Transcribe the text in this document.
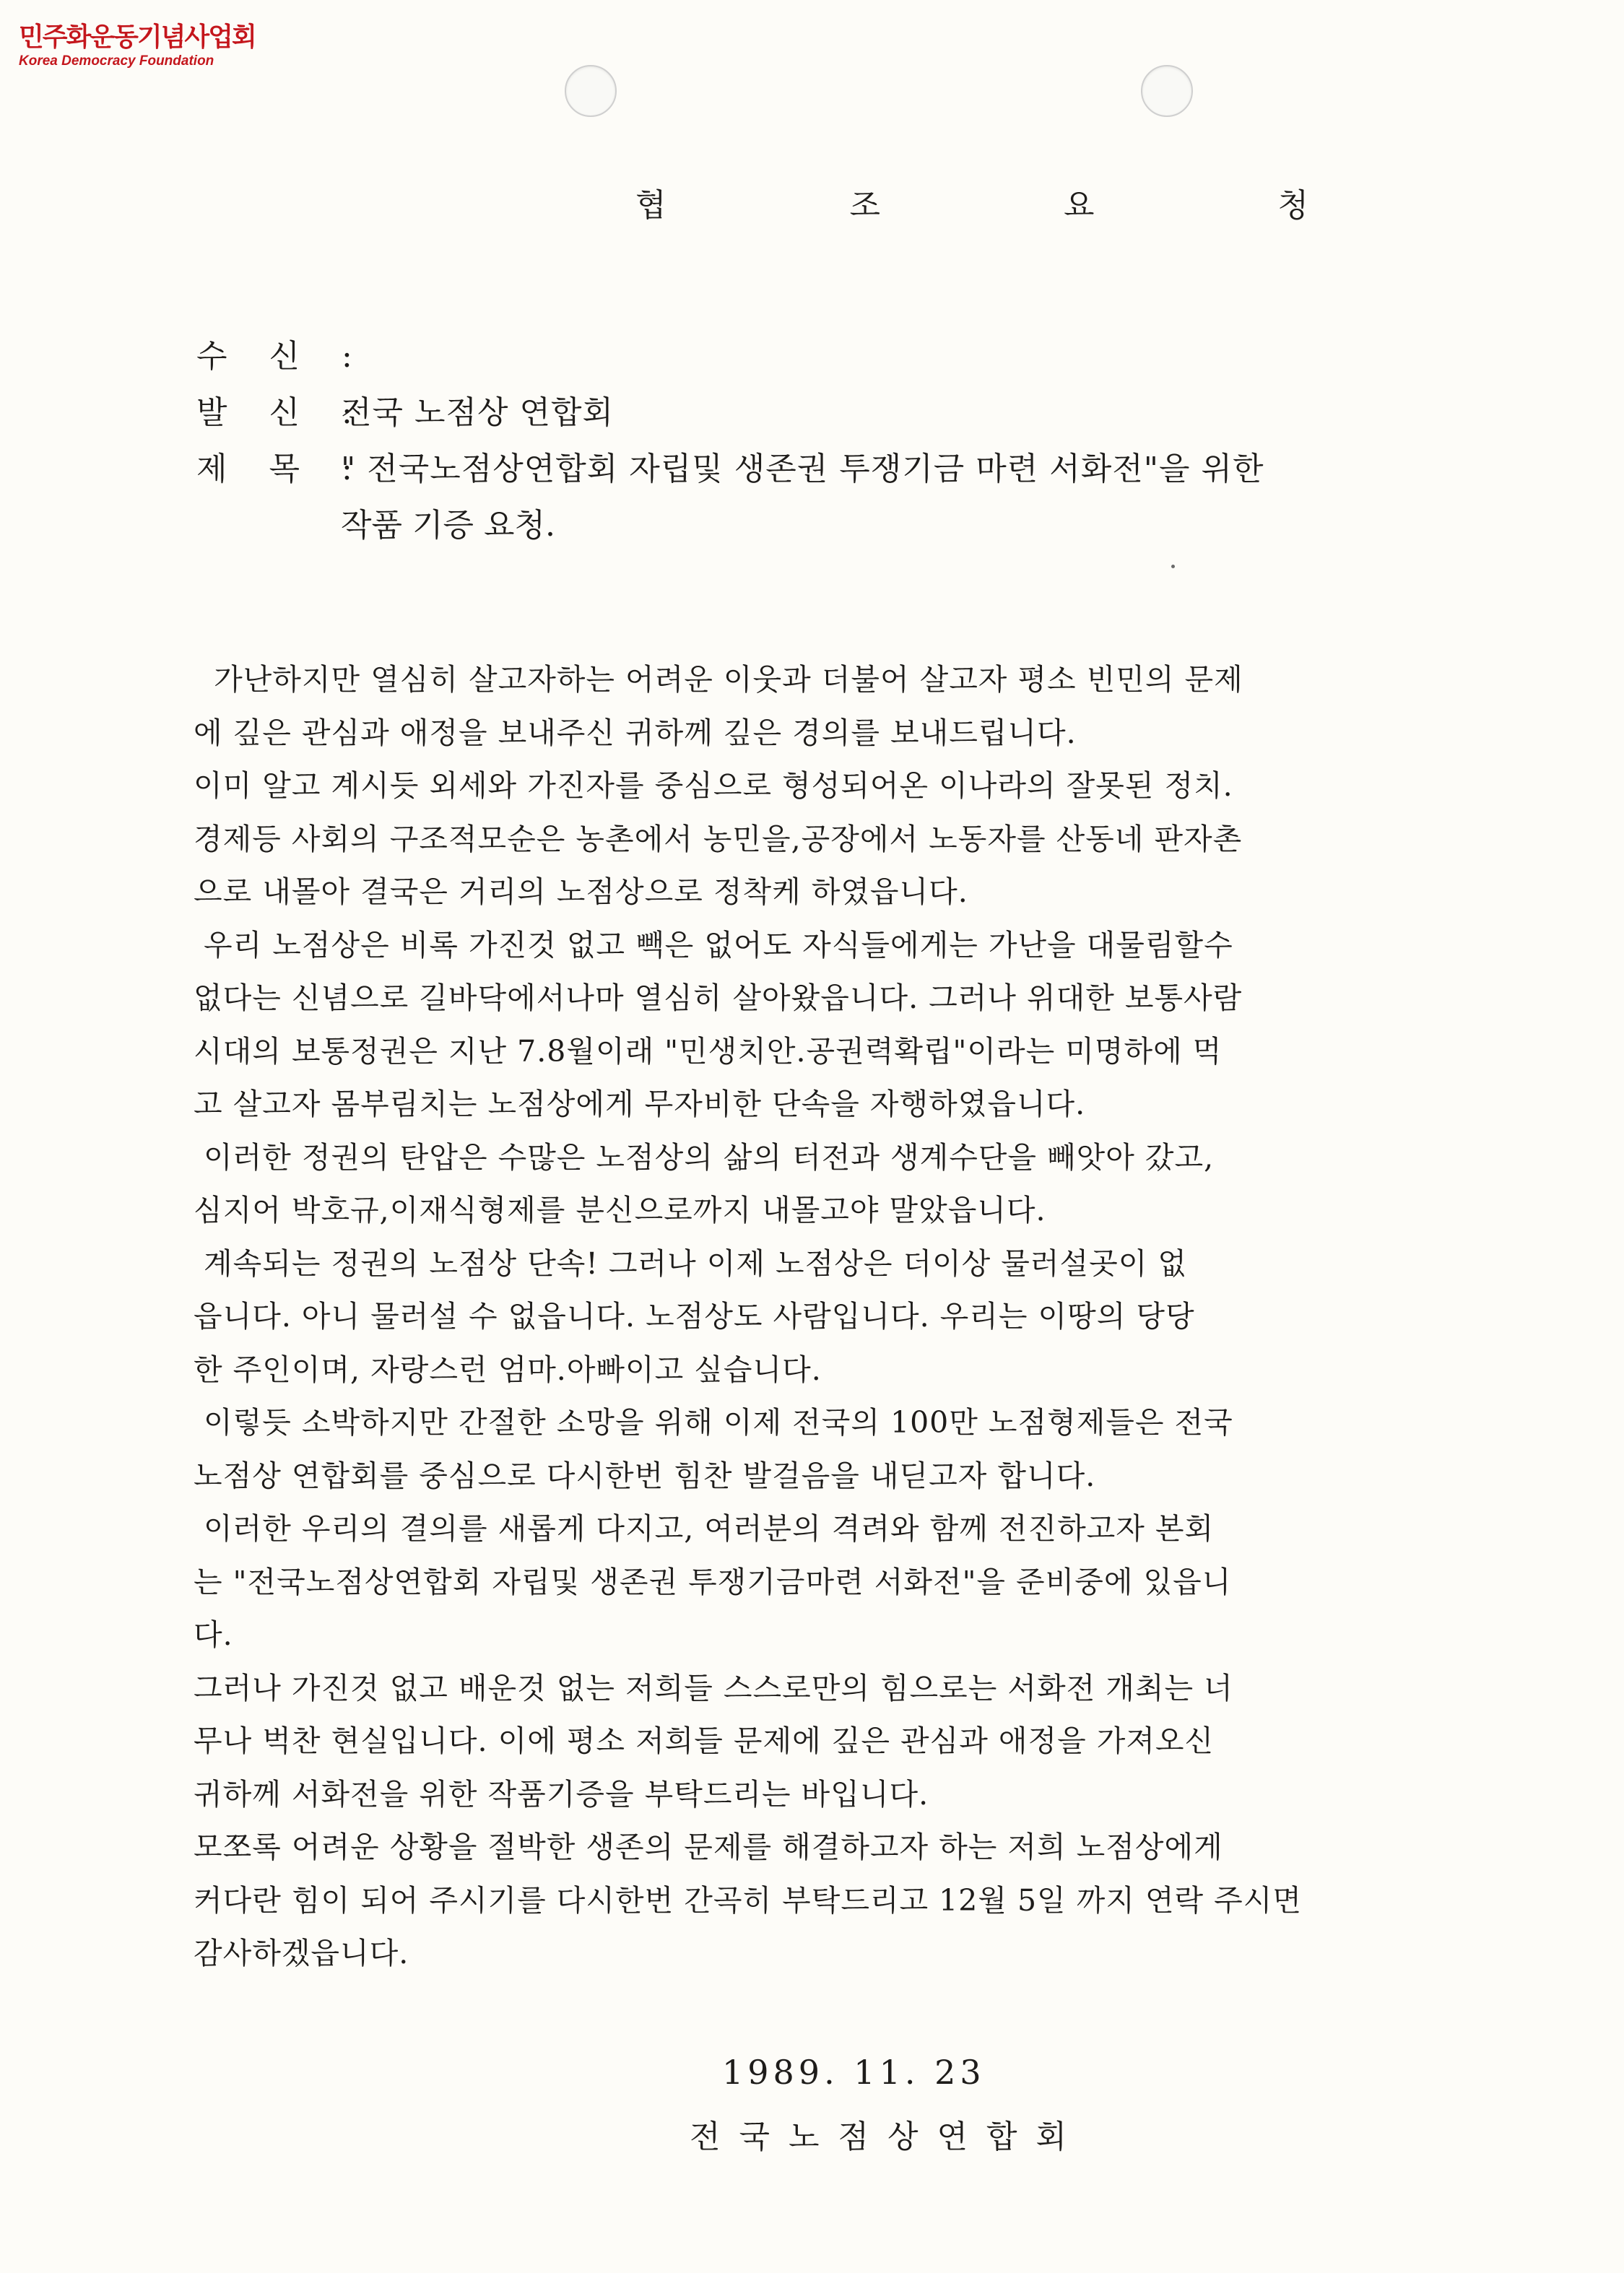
민주화운동기념사업회
Korea Democracy Foundation
협 조 요 청
수 신 :
발 신 :
전국 노점상 연합회
제 목 :
" 전국노점상연합회 자립및 생존권 투쟁기금 마련 서화전"을 위한
작품 기증 요청.
가난하지만 열심히 살고자하는 어려운 이웃과 더불어 살고자 평소 빈민의 문제
에 깊은 관심과 애정을 보내주신 귀하께 깊은 경의를 보내드립니다.
이미 알고 계시듯 외세와 가진자를 중심으로 형성되어온 이나라의 잘못된 정치.
경제등 사회의 구조적모순은 농촌에서 농민을,공장에서 노동자를 산동네 판자촌
으로 내몰아 결국은 거리의 노점상으로 정착케 하였읍니다.
우리 노점상은 비록 가진것 없고 빽은 없어도 자식들에게는 가난을 대물림할수
없다는 신념으로 길바닥에서나마 열심히 살아왔읍니다. 그러나 위대한 보통사람
시대의 보통정권은 지난 7.8월이래 "민생치안.공권력확립"이라는 미명하에 먹
고 살고자 몸부림치는 노점상에게 무자비한 단속을 자행하였읍니다.
이러한 정권의 탄압은 수많은 노점상의 삶의 터전과 생계수단을 빼앗아 갔고,
심지어 박호규,이재식형제를 분신으로까지 내몰고야 말았읍니다.
계속되는 정권의 노점상 단속! 그러나 이제 노점상은 더이상 물러설곳이 없
읍니다. 아니 물러설 수 없읍니다. 노점상도 사람입니다. 우리는 이땅의 당당
한 주인이며, 자랑스런 엄마.아빠이고 싶습니다.
이렇듯 소박하지만 간절한 소망을 위해 이제 전국의 100만 노점형제들은 전국
노점상 연합회를 중심으로 다시한번 힘찬 발걸음을 내딛고자 합니다.
이러한 우리의 결의를 새롭게 다지고, 여러분의 격려와 함께 전진하고자 본회
는 "전국노점상연합회 자립및 생존권 투쟁기금마련 서화전"을 준비중에 있읍니
다.
그러나 가진것 없고 배운것 없는 저희들 스스로만의 힘으로는 서화전 개최는 너
무나 벅찬 현실입니다. 이에 평소 저희들 문제에 깊은 관심과 애정을 가져오신
귀하께 서화전을 위한 작품기증을 부탁드리는 바입니다.
모쪼록 어려운 상황을 절박한 생존의 문제를 해결하고자 하는 저희 노점상에게
커다란 힘이 되어 주시기를 다시한번 간곡히 부탁드리고 12월 5일 까지 연락 주시면
감사하겠읍니다.
1989. 11. 23
전국노점상연합회
